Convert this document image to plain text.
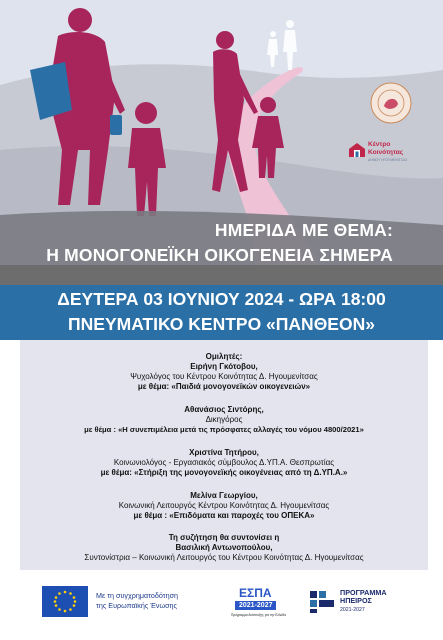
Κέντρο
Κοινότητας
ΔΗΜΟΥ ΗΓΟΥΜΕΝΙΤΣΑΣ
ΗΜΕΡΙΔΑ ΜΕ ΘΕΜΑ:
Η ΜΟΝΟΓΟΝΕΪΚΗ ΟΙΚΟΓΕΝΕΙΑ ΣΗΜΕΡΑ
ΔΕΥΤΕΡΑ 03 ΙΟΥΝΙΟΥ 2024 - ΩΡΑ 18:00
ΠΝΕΥΜΑΤΙΚΟ ΚΕΝΤΡΟ «ΠΑΝΘΕΟΝ»
Ομιλητές:
Ειρήνη Γκότοβου,
Ψυχολόγος του Κέντρου Κοινότητας Δ. Ηγουμενίτσας
με θέμα: «Παιδιά μονογονεϊκών οικογενειών»
Αθανάσιος Σιντόρης,
Δικηγόρος
με θέμα : «Η συνεπιμέλεια μετά τις πρόσφατες αλλαγές του νόμου 4800/2021»
Χριστίνα Τητήρου,
Κοινωνιολόγος - Εργασιακός σύμβουλος Δ.ΥΠ.Α. Θεσπρωτίας
με θέμα: «Στήριξη της μονογονεϊκής οικογένειας από τη Δ.ΥΠ.Α.»
Μελίνα Γεωργίου,
Κοινωνική Λειτουργός Κέντρου Κοινότητας Δ. Ηγουμενίτσας
με θέμα : «Επιδόματα και παροχές του ΟΠΕΚΑ»
Τη συζήτηση θα συντονίσει η
Βασιλική Αντωνοπούλου,
Συντονίστρια – Κοινωνική Λειτουργός του Κέντρου Κοινότητας Δ. Ηγουμενίτσας
Με τη συγχρηματοδότηση
της Ευρωπαϊκής Ένωσης
ΕΣΠΑ
2021-2027
Πρόγραμμα Ανάπτυξης για την Ελλάδα
ΠΡΟΓΡΑΜΜΑ
ΗΠΕΙΡΟΣ
2021-2027
